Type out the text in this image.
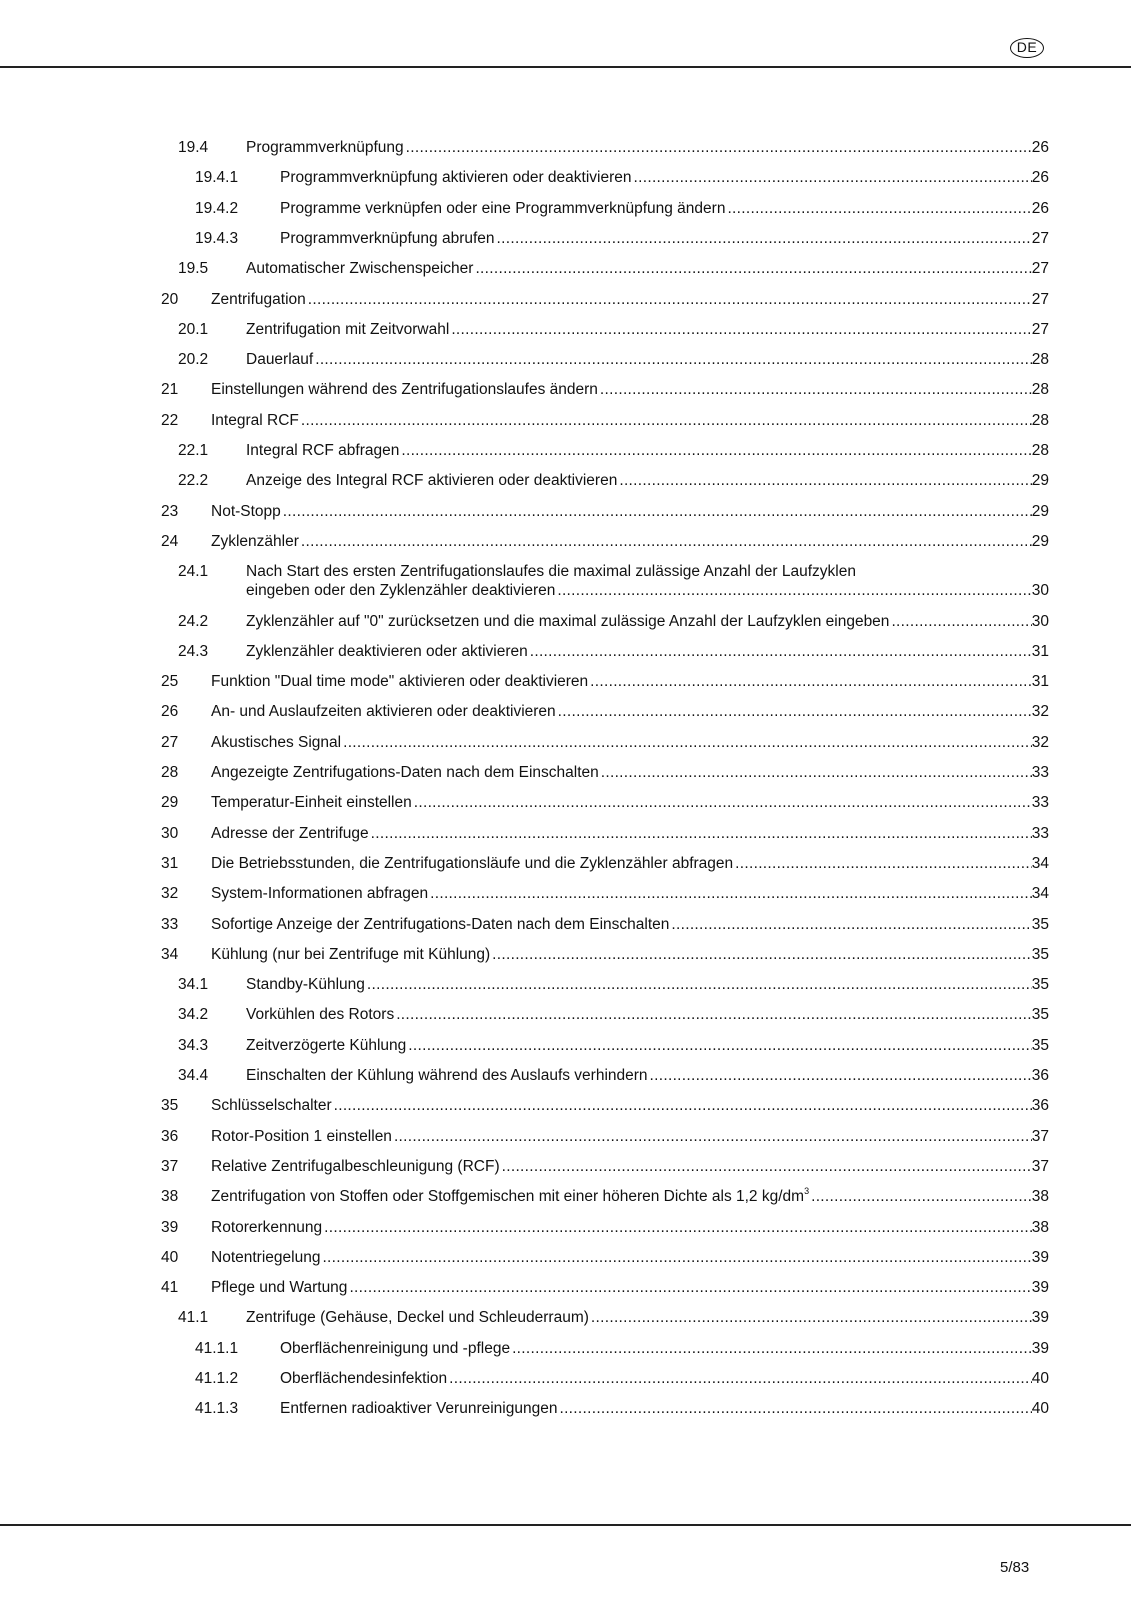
DE
19.4 Programmverknüpfung .....	26
19.4.1	Programmverknüpfung aktivieren oder deaktivieren .....	26
19.4.2	Programme verknüpfen oder eine Programmverknüpfung ändern .....	26
19.4.3	Programmverknüpfung abrufen .....	27
19.5 Automatischer Zwischenspeicher .....	27
20 Zentrifugation .....	27
20.1 Zentrifugation mit Zeitvorwahl .....	27
20.2 Dauerlauf .....	28
21 Einstellungen während des Zentrifugationslaufes ändern .....	28
22 Integral RCF .....	28
22.1 Integral RCF abfragen .....	28
22.2 Anzeige des Integral RCF aktivieren oder deaktivieren .....	29
23 Not-Stopp .....	29
24 Zyklenzähler .....	29
24.1 Nach Start des ersten Zentrifugationslaufes die maximal zulässige Anzahl der Laufzyklen
eingeben oder den Zyklenzähler deaktivieren .....	30
24.2 Zyklenzähler auf "0" zurücksetzen und die maximal zulässige Anzahl der Laufzyklen eingeben .....	30
24.3 Zyklenzähler deaktivieren oder aktivieren .....	31
25 Funktion "Dual time mode" aktivieren oder deaktivieren .....	31
26 An- und Auslaufzeiten aktivieren oder deaktivieren .....	32
27 Akustisches Signal .....	32
28 Angezeigte Zentrifugations-Daten nach dem Einschalten .....	33
29 Temperatur-Einheit einstellen .....	33
30 Adresse der Zentrifuge .....	33
31 Die Betriebsstunden, die Zentrifugationsläufe und die Zyklenzähler abfragen .....	34
32 System-Informationen abfragen .....	34
33 Sofortige Anzeige der Zentrifugations-Daten nach dem Einschalten .....	35
34 Kühlung (nur bei Zentrifuge mit Kühlung) .....	35
34.1 Standby-Kühlung .....	35
34.2 Vorkühlen des Rotors .....	35
34.3 Zeitverzögerte Kühlung .....	35
34.4 Einschalten der Kühlung während des Auslaufs verhindern .....	36
35 Schlüsselschalter .....	36
36 Rotor-Position 1 einstellen .....	37
37 Relative Zentrifugalbeschleunigung (RCF) .....	37
38 Zentrifugation von Stoffen oder Stoffgemischen mit einer höheren Dichte als 1,2 $kg/dm^3$ .....	38
39 Rotorerkennung .....	38
40 Notentriegelung .....	39
41 Pflege und Wartung .....	39
41.1 Zentrifuge (Gehäuse, Deckel und Schleuderraum) .....	39
41.1.1	Oberflächenreinigung und -pflege .....	39
41.1.2	Oberflächendesinfektion .....	40
41.1.3	Entfernen radioaktiver Verunreinigungen .....	40
5/83
